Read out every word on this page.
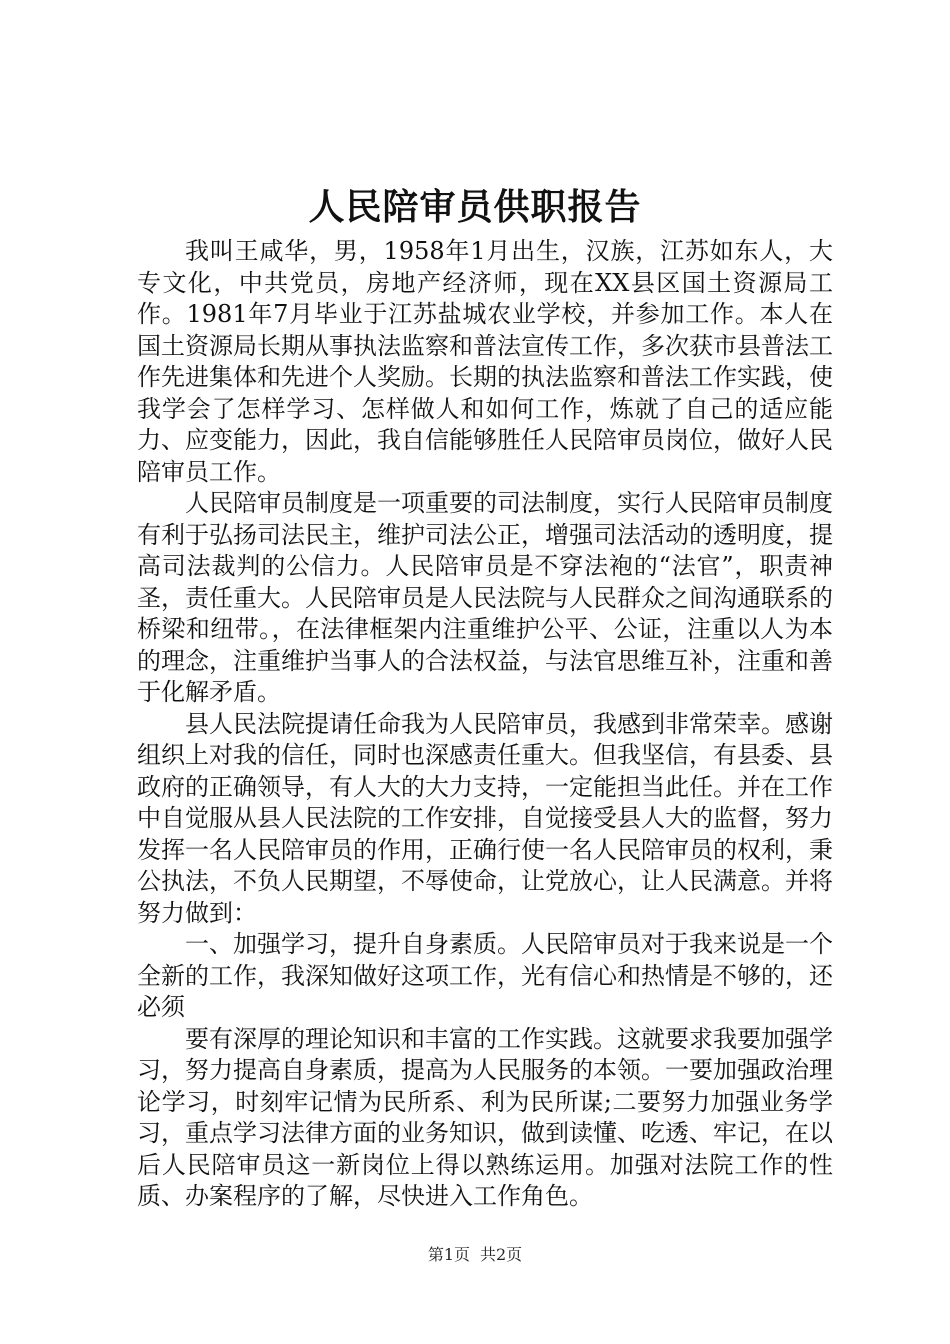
人民陪审员供职报告

我叫王咸华，男，1958年1月出生，汉族，江苏如东人，大专文化，中共党员，房地产经济师，现在XX县区国土资源局工作。1981年7月毕业于江苏盐城农业学校，并参加工作。本人在国土资源局长期从事执法监察和普法宣传工作，多次获市县普法工作先进集体和先进个人奖励。长期的执法监察和普法工作实践，使我学会了怎样学习、怎样做人和如何工作，炼就了自己的适应能力、应变能力，因此，我自信能够胜任人民陪审员岗位，做好人民陪审员工作。

人民陪审员制度是一项重要的司法制度，实行人民陪审员制度有利于弘扬司法民主，维护司法公正，增强司法活动的透明度，提高司法裁判的公信力。人民陪审员是不穿法袍的“法官”，职责神圣，责任重大。人民陪审员是人民法院与人民群众之间沟通联系的桥梁和纽带。，在法律框架内注重维护公平、公证，注重以人为本的理念，注重维护当事人的合法权益，与法官思维互补，注重和善于化解矛盾。

县人民法院提请任命我为人民陪审员，我感到非常荣幸。感谢组织上对我的信任，同时也深感责任重大。但我坚信，有县委、县政府的正确领导，有人大的大力支持，一定能担当此任。并在工作中自觉服从县人民法院的工作安排，自觉接受县人大的监督，努力发挥一名人民陪审员的作用，正确行使一名人民陪审员的权利，秉公执法，不负人民期望，不辱使命，让党放心，让人民满意。并将努力做到：

一、加强学习，提升自身素质。人民陪审员对于我来说是一个全新的工作，我深知做好这项工作，光有信心和热情是不够的，还必须

要有深厚的理论知识和丰富的工作实践。这就要求我要加强学习，努力提高自身素质，提高为人民服务的本领。一要加强政治理论学习，时刻牢记情为民所系、利为民所谋;二要努力加强业务学习，重点学习法律方面的业务知识，做到读懂、吃透、牢记，在以后人民陪审员这一新岗位上得以熟练运用。加强对法院工作的性质、办案程序的了解，尽快进入工作角色。

第1页 共2页
